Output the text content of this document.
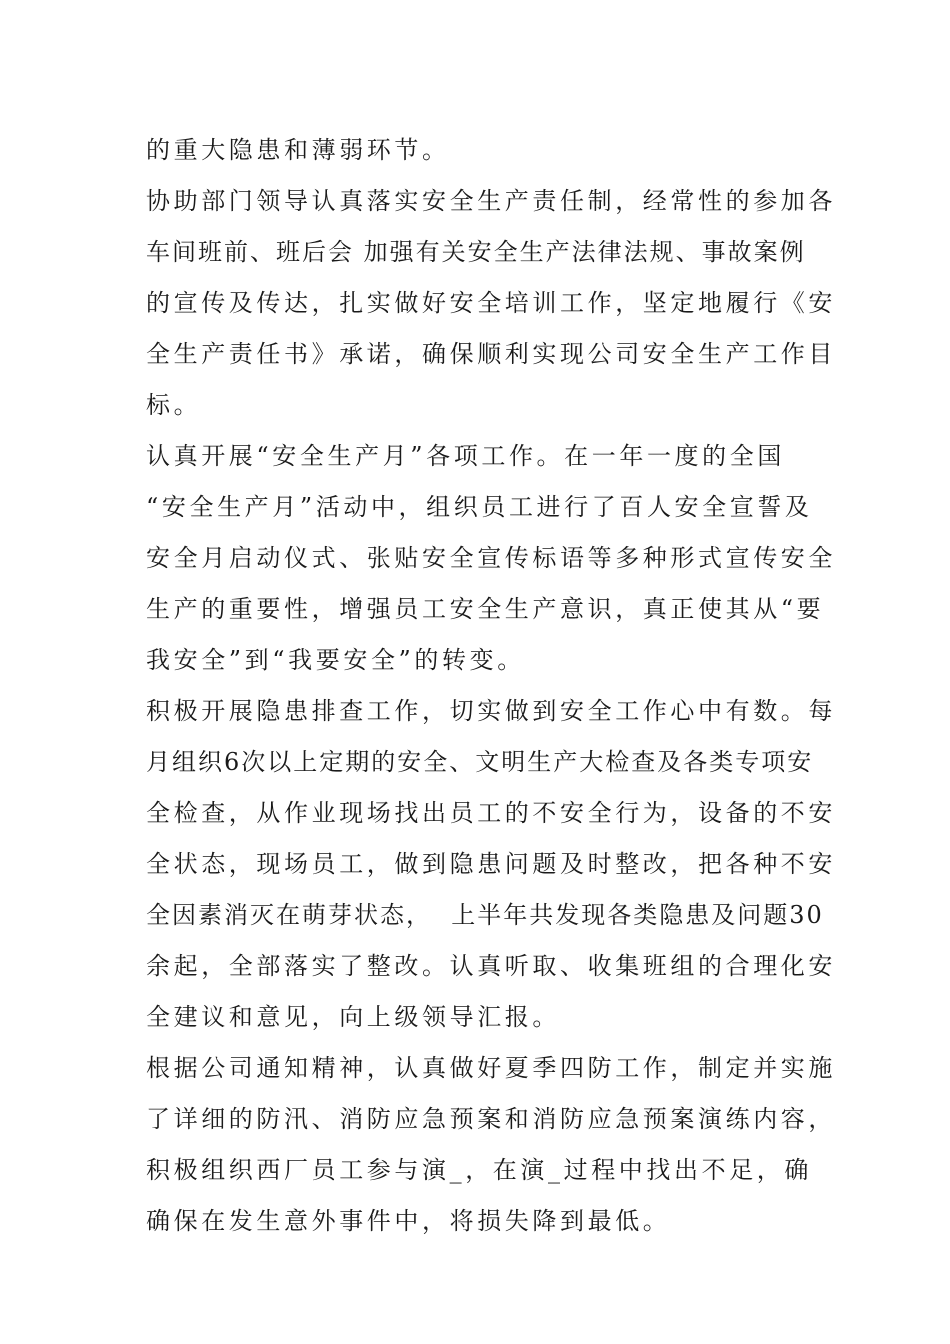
的重大隐患和薄弱环节。
协助部门领导认真落实安全生产责任制，经常性的参加各
车间班前、班后会 加强有关安全生产法律法规、事故案例
的宣传及传达，扎实做好安全培训工作，坚定地履行《安
全生产责任书》承诺，确保顺利实现公司安全生产工作目
标。
认真开展“安全生产月”各项工作。在一年一度的全国
“安全生产月”活动中，组织员工进行了百人安全宣誓及
安全月启动仪式、张贴安全宣传标语等多种形式宣传安全
生产的重要性，增强员工安全生产意识，真正使其从“要
我安全”到“我要安全”的转变。
积极开展隐患排查工作，切实做到安全工作心中有数。每
月组织6次以上定期的安全、文明生产大检查及各类专项安
全检查，从作业现场找出员工的不安全行为，设备的不安
全状态，现场员工，做到隐患问题及时整改，把各种不安
全因素消灭在萌芽状态，  上半年共发现各类隐患及问题30
余起，全部落实了整改。认真听取、收集班组的合理化安
全建议和意见，向上级领导汇报。
根据公司通知精神，认真做好夏季四防工作，制定并实施
了详细的防汛、消防应急预案和消防应急预案演练内容，
积极组织西厂员工参与演_，在演_过程中找出不足，确
确保在发生意外事件中，将损失降到最低。
